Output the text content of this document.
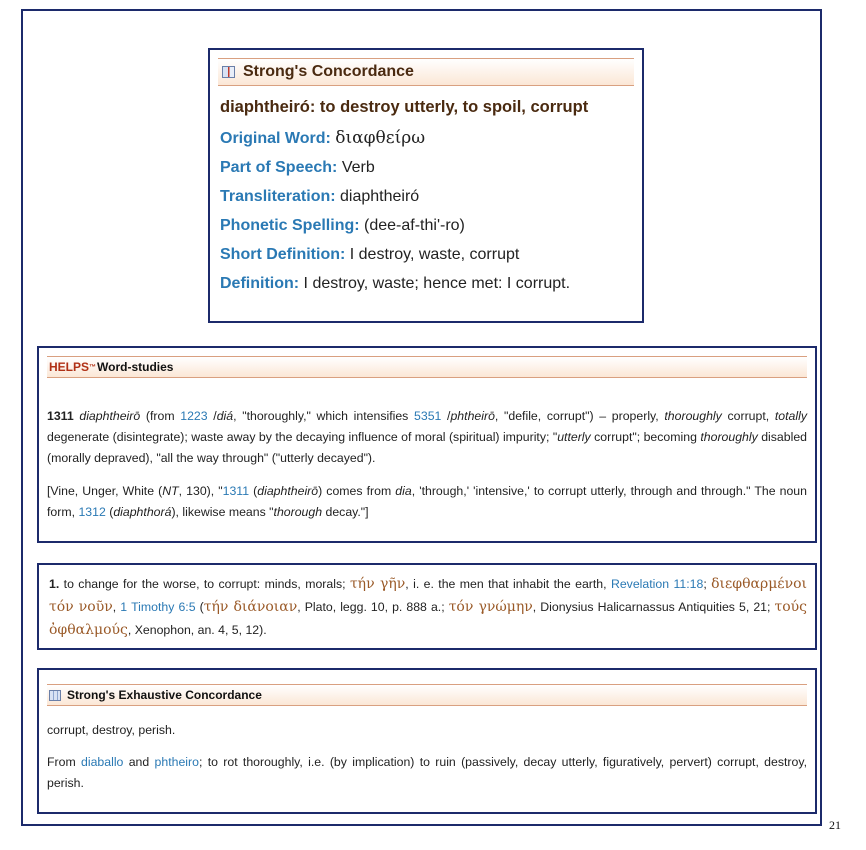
Strong's Concordance
diaphtheiró: to destroy utterly, to spoil, corrupt
Original Word: διαφθείρω
Part of Speech: Verb
Transliteration: diaphtheiró
Phonetic Spelling: (dee-af-thi'-ro)
Short Definition: I destroy, waste, corrupt
Definition: I destroy, waste; hence met: I corrupt.
HELPS ™ Word-studies
1311 diaphtheirō (from 1223 /diá, "thoroughly," which intensifies 5351 /phtheirō, "defile, corrupt") – properly, thoroughly corrupt, totally degenerate (disintegrate); waste away by the decaying influence of moral (spiritual) impurity; "utterly corrupt"; becoming thoroughly disabled (morally depraved), "all the way through" ("utterly decayed").
[Vine, Unger, White (NT, 130), "1311 (diaphtheirō) comes from dia, 'through,' 'intensive,' to corrupt utterly, through and through." The noun form, 1312 (diaphthorá), likewise means "thorough decay."]
1. to change for the worse, to corrupt: minds, morals; τήν γῆν, i. e. the men that inhabit the earth, Revelation 11:18; διεφθαρμένοι τόν νοῦν, 1 Timothy 6:5 (τήν διάνοιαν, Plato, legg. 10, p. 888 a.; τόν γνώμην, Dionysius Halicarnassus Antiquities 5, 21; τούς ὀφθαλμούς, Xenophon, an. 4, 5, 12).
Strong's Exhaustive Concordance
corrupt, destroy, perish.
From diaballo and phtheiro; to rot thoroughly, i.e. (by implication) to ruin (passively, decay utterly, figuratively, pervert) corrupt, destroy, perish.
21
